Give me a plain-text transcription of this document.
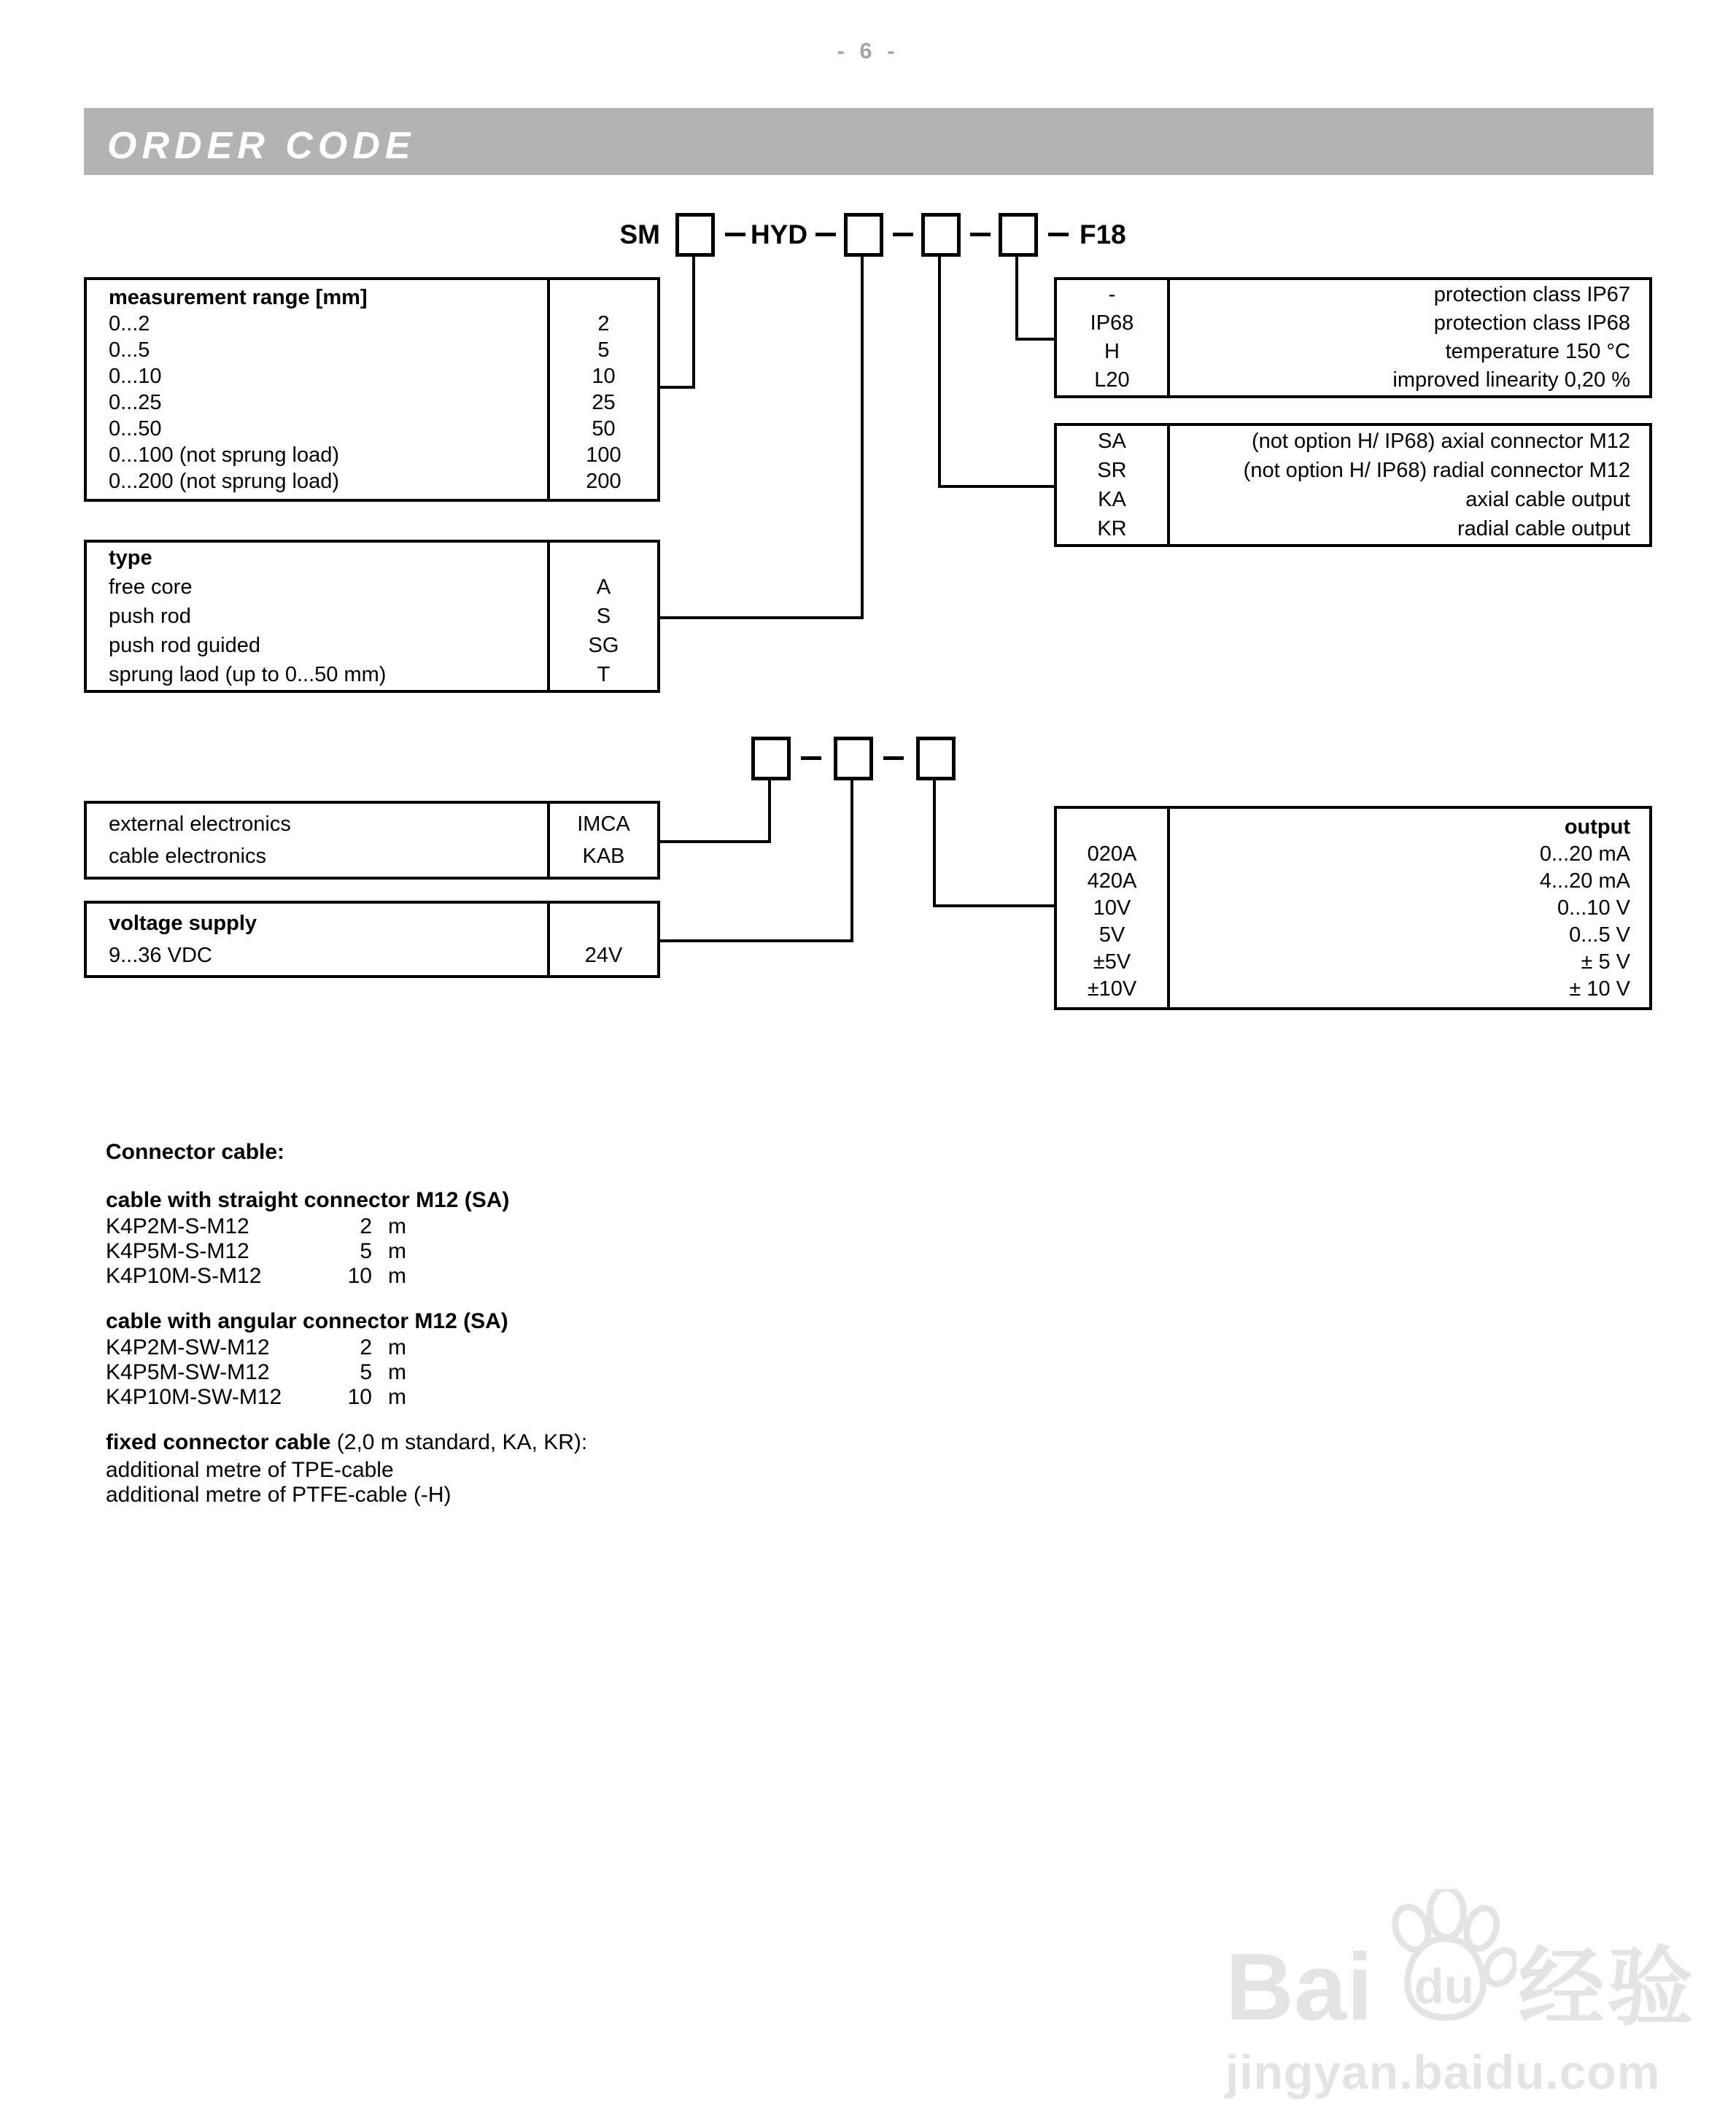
- 6 -
ORDER CODE
SM	HYD	F18
measurement range [mm]
0...2	2
0...5	5
0...10	10
0...25	25
0...50	50
0...100 (not sprung load)	100
0...200 (not sprung load)	200
type
free core	A
push rod	S
push rod guided	SG
sprung laod (up to 0...50 mm)	T
-	protection class IP67
IP68	protection class IP68
H	temperature 150 °C
L20	improved linearity 0,20 %
SA	(not option H/ IP68) axial connector M12
SR	(not option H/ IP68) radial connector M12
KA	axial cable output
KR	radial cable output
external electronics	IMCA
cable electronics	KAB
voltage supply
9...36 VDC	24V
output
020A	0...20 mA
420A	4...20 mA
10V	0...10 V
5V	0...5 V
±5V	± 5 V
±10V	± 10 V
Connector cable:
cable with straight connector M12 (SA)
K4P2M-S-M12	2 m
K4P5M-S-M12	5 m
K4P10M-S-M12	10 m
cable with angular connector M12 (SA)
K4P2M-SW-M12	2 m
K4P5M-SW-M12	5 m
K4P10M-SW-M12	10 m
fixed connector cable (2,0 m standard, KA, KR):
additional metre of TPE-cable
additional metre of PTFE-cable (-H)
Bai du 经验
jingyan.baidu.com
